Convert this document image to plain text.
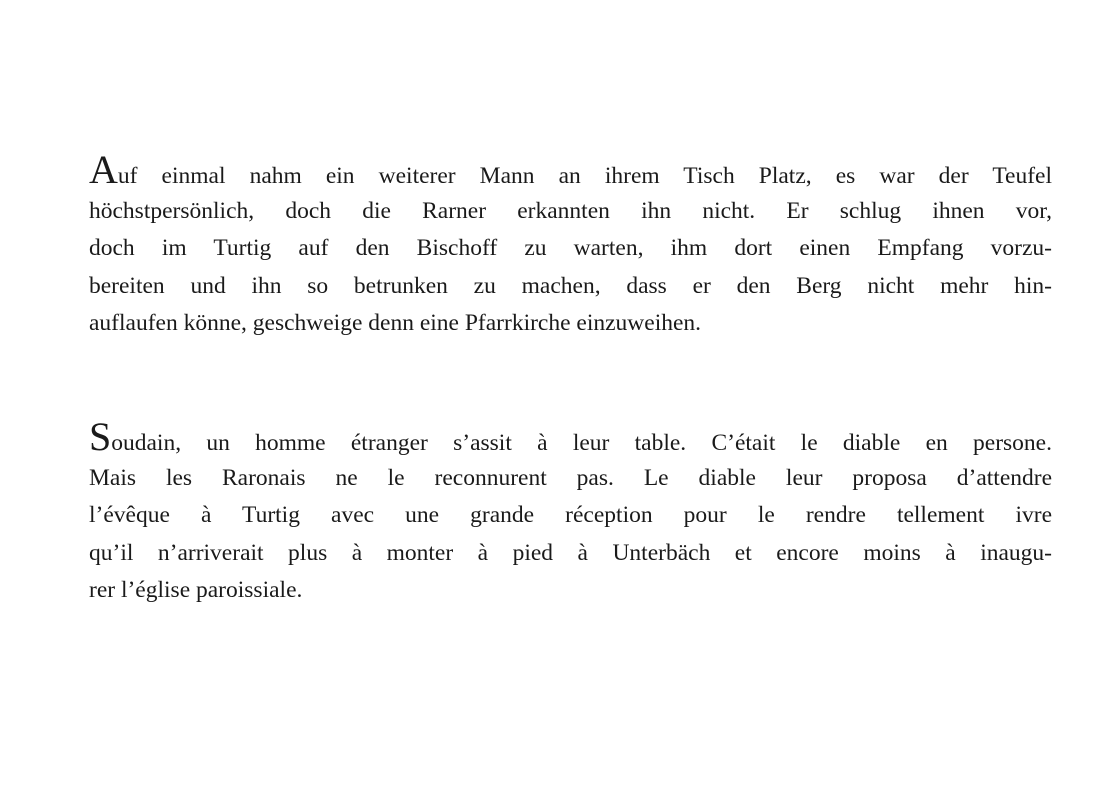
Auf einmal nahm ein weiterer Mann an ihrem Tisch Platz, es war der Teufel
höchstpersönlich, doch die Rarner erkannten ihn nicht. Er schlug ihnen vor,
doch im Turtig auf den Bischoff zu warten, ihm dort einen Empfang vorzu-
bereiten und ihn so betrunken zu machen, dass er den Berg nicht mehr hin-
auflaufen könne, geschweige denn eine Pfarrkirche einzuweihen.
Soudain, un homme étranger s’assit à leur table. C’était le diable en persone.
Mais les Raronais ne le reconnurent pas. Le diable leur proposa d’attendre
l’évêque à Turtig avec une grande réception pour le rendre tellement ivre
qu’il n’arriverait plus à monter à pied à Unterbäch et encore moins à inaugu-
rer l’église paroissiale.
